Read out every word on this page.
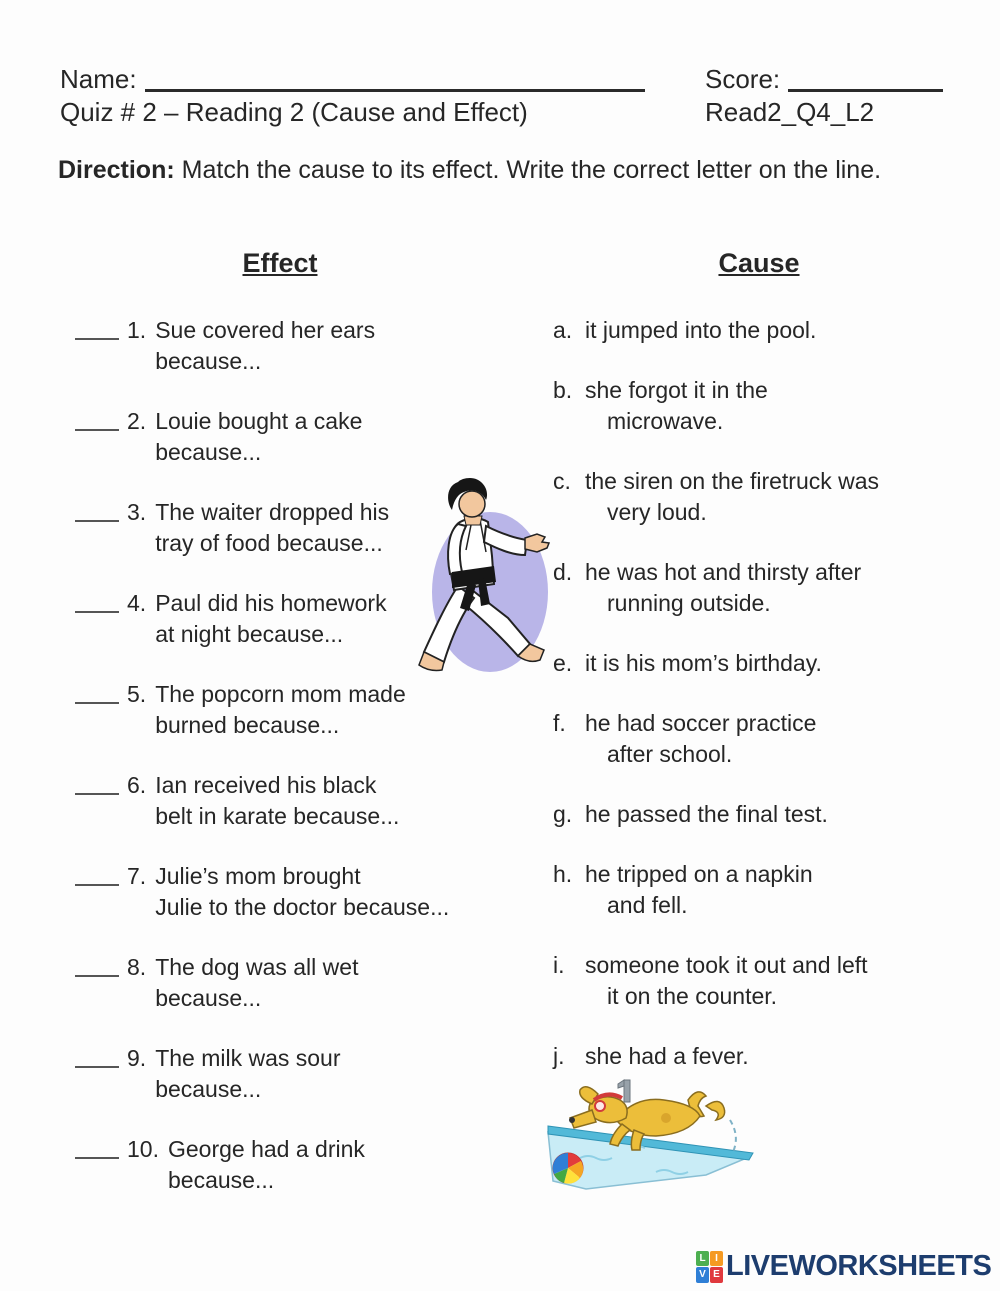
Name:	Score:
Quiz # 2 – Reading 2 (Cause and Effect)	Read2_Q4_L2

Direction: Match the cause to its effect. Write the correct letter on the line.

Effect
1. Sue covered her ears
because...
2. Louie bought a cake
because...
3. The waiter dropped his
tray of food because...
4. Paul did his homework
at night because...
5. The popcorn mom made
burned because...
6. Ian received his black
belt in karate because...
7. Julie’s mom brought
Julie to the doctor because...
8. The dog was all wet
because...
9. The milk was sour
because...
10. George had a drink
because...
Cause
a. it jumped into the pool.
b. she forgot it in the
microwave.
c. the siren on the firetruck was
very loud.
d. he was hot and thirsty after
running outside.
e. it is his mom’s birthday.
f. he had soccer practice
after school.
g. he passed the final test.
h. he tripped on a napkin
and fell.
i. someone took it out and left
it on the counter.
j. she had a fever.
L I
V E LIVEWORKSHEETS
